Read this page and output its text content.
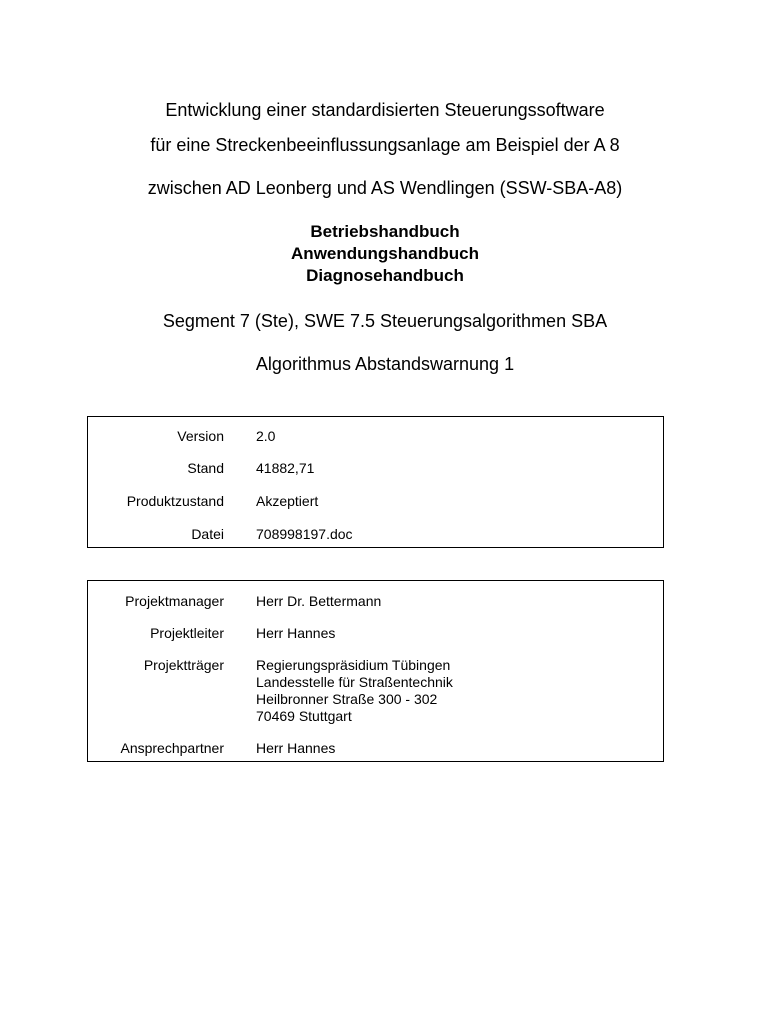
Entwicklung einer standardisierten Steuerungssoftware
für eine Streckenbeeinflussungsanlage am Beispiel der A 8
zwischen AD Leonberg und AS Wendlingen (SSW-SBA-A8)
Betriebshandbuch
Anwendungshandbuch
Diagnosehandbuch
Segment 7 (Ste), SWE 7.5 Steuerungsalgorithmen SBA
Algorithmus Abstandswarnung 1
Version 2.0
Stand 41882,71
Produktzustand Akzeptiert
Datei 708998197.doc
Projektmanager Herr Dr. Bettermann
Projektleiter Herr Hannes
Projektträger Regierungspräsidium Tübingen
Landesstelle für Straßentechnik
Heilbronner Straße 300 - 302
70469 Stuttgart
Ansprechpartner Herr Hannes
